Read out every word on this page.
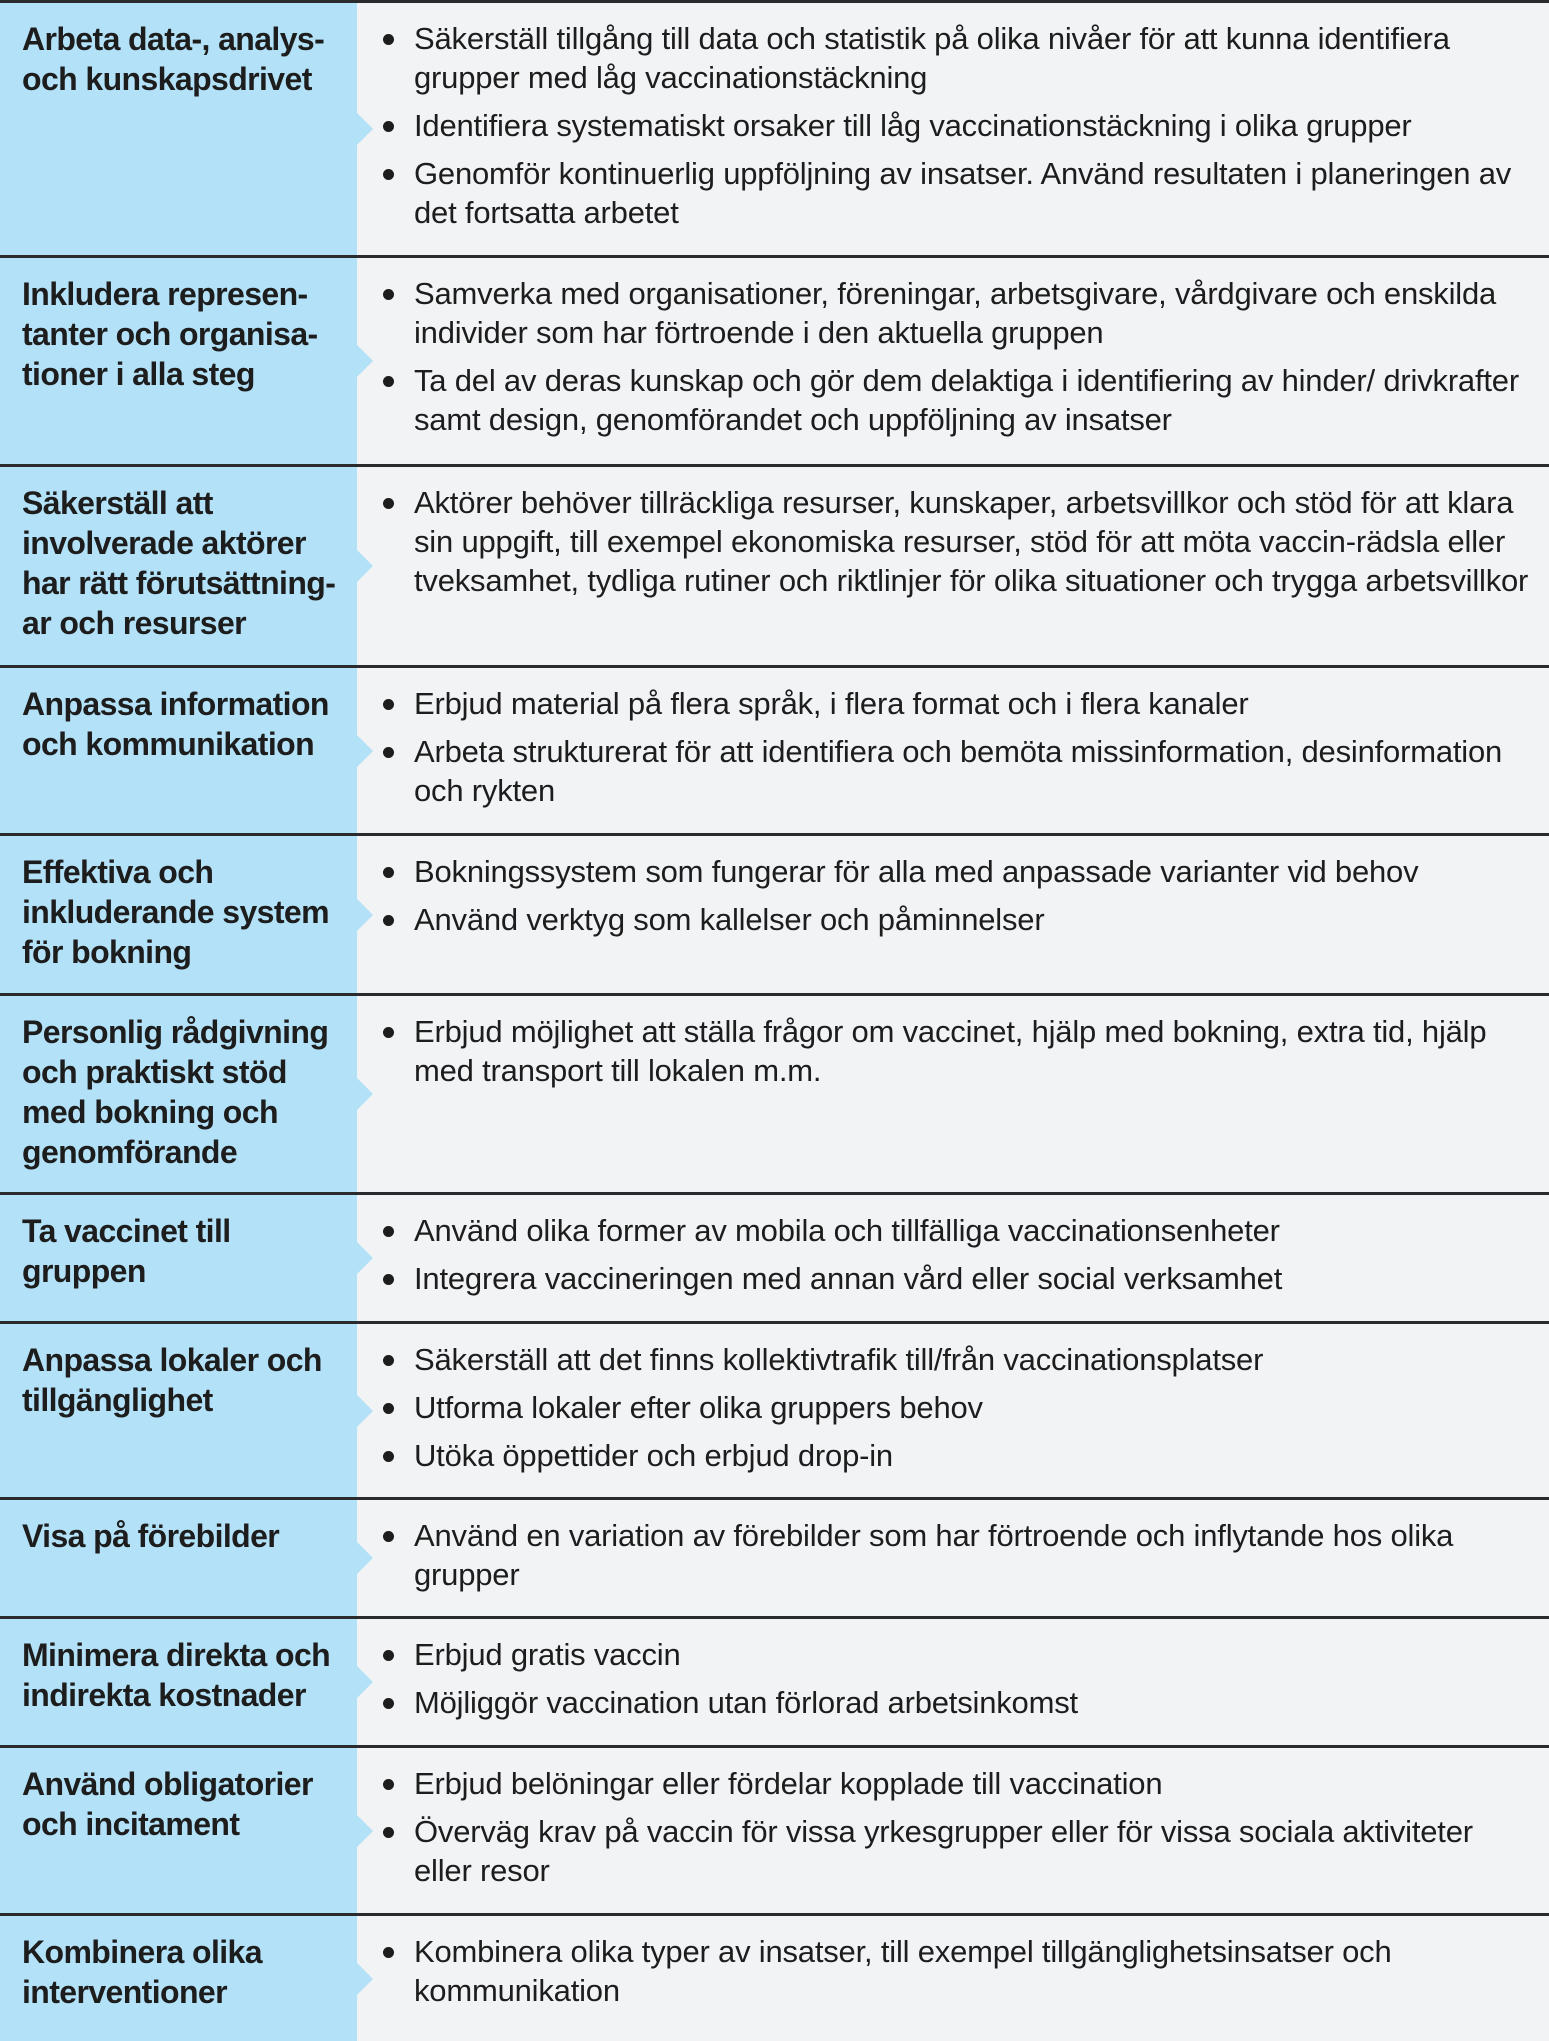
Arbeta data-, analys-
och kunskapsdrivet
Säkerställ tillgång till data och statistik på olika nivåer för att kunna identifiera grupper med låg vaccinationstäckning
Identifiera systematiskt orsaker till låg vaccinationstäckning i olika grupper
Genomför kontinuerlig uppföljning av insatser. Använd resultaten i planeringen av det fortsatta arbetet
Inkludera represen-
tanter och organisa-
tioner i alla steg
Samverka med organisationer, föreningar, arbetsgivare, vårdgivare och enskilda individer som har förtroende i den aktuella gruppen
Ta del av deras kunskap och gör dem delaktiga i identifiering av hinder/ drivkrafter samt design, genomförandet och uppföljning av insatser
Säkerställ att
involverade aktörer
har rätt förutsättning-
ar och resurser
Aktörer behöver tillräckliga resurser, kunskaper, arbetsvillkor och stöd för att klara sin uppgift, till exempel ekonomiska resurser, stöd för att möta vaccin-rädsla eller tveksamhet, tydliga rutiner och riktlinjer för olika situationer och trygga arbetsvillkor
Anpassa information
och kommunikation
Erbjud material på flera språk, i flera format och i flera kanaler
Arbeta strukturerat för att identifiera och bemöta missinformation, desinformation och rykten
Effektiva och
inkluderande system
för bokning
Bokningssystem som fungerar för alla med anpassade varianter vid behov
Använd verktyg som kallelser och påminnelser
Personlig rådgivning
och praktiskt stöd
med bokning och
genomförande
Erbjud möjlighet att ställa frågor om vaccinet, hjälp med bokning, extra tid, hjälp med transport till lokalen m.m.
Ta vaccinet till
gruppen
Använd olika former av mobila och tillfälliga vaccinationsenheter
Integrera vaccineringen med annan vård eller social verksamhet
Anpassa lokaler och
tillgänglighet
Säkerställ att det finns kollektivtrafik till/från vaccinationsplatser
Utforma lokaler efter olika gruppers behov
Utöka öppettider och erbjud drop-in
Visa på förebilder	Använd en variation av förebilder som har förtroende och inflytande hos olika grupper
Minimera direkta och
indirekta kostnader
Erbjud gratis vaccin
Möjliggör vaccination utan förlorad arbetsinkomst
Använd obligatorier
och incitament
Erbjud belöningar eller fördelar kopplade till vaccination
Överväg krav på vaccin för vissa yrkesgrupper eller för vissa sociala aktiviteter eller resor
Kombinera olika
interventioner
Kombinera olika typer av insatser, till exempel tillgänglighetsinsatser och kommunikation
